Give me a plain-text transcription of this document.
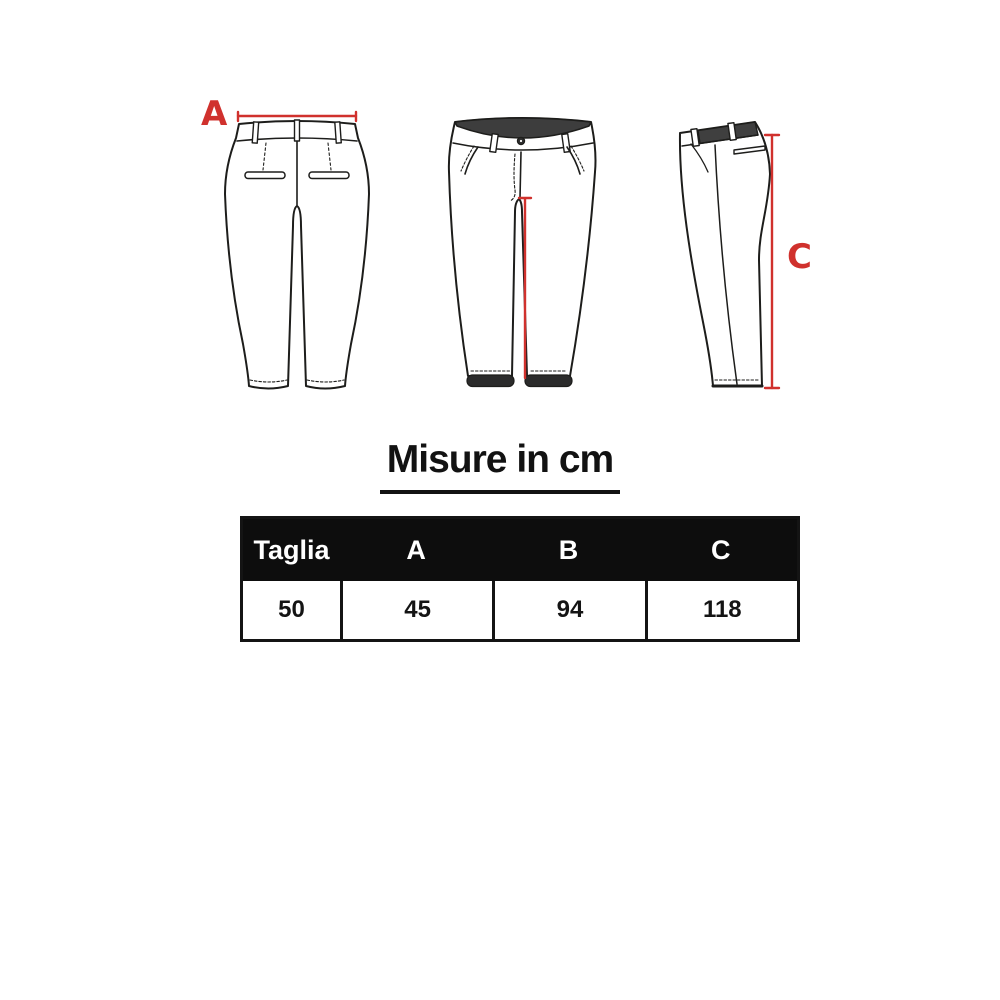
A
C
Misure in cm
Taglia	A	B	C
50	45	94	118
